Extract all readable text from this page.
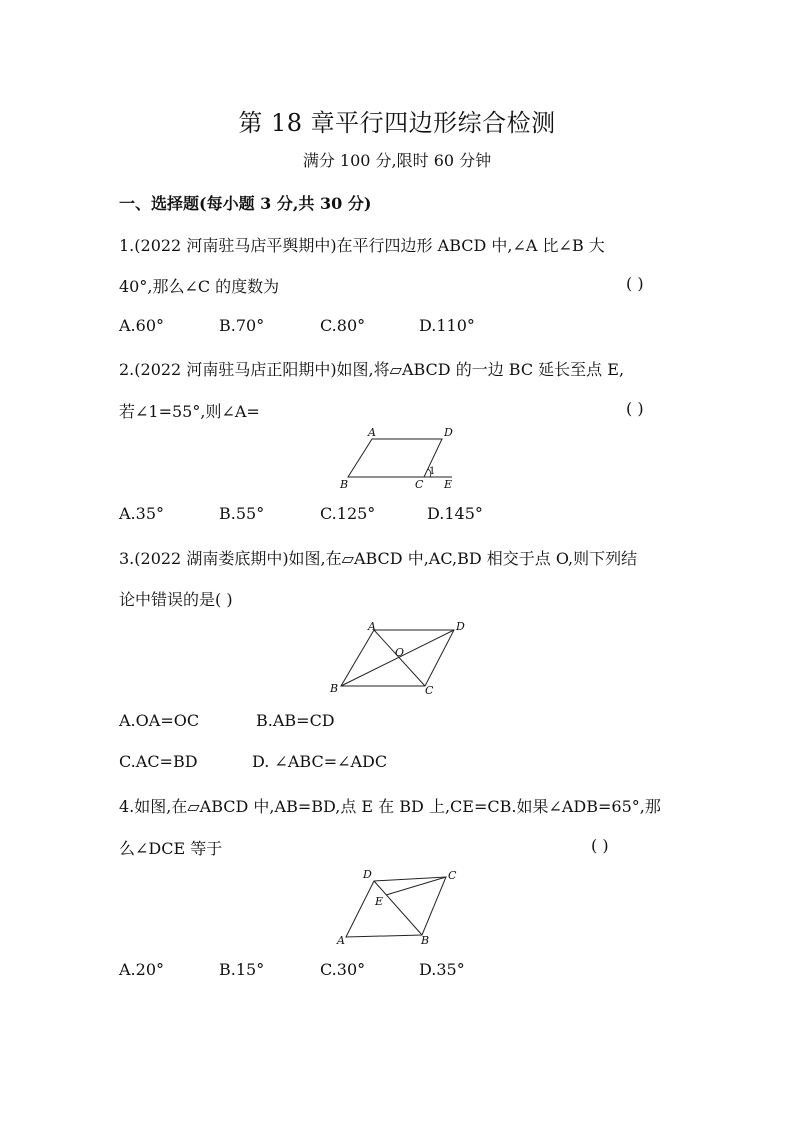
第 18 章平行四边形综合检测
满分 100 分,限时 60 分钟
一、选择题(每小题 3 分,共 30 分)
1.(2022 河南驻马店平舆期中)在平行四边形 ABCD 中,∠A 比∠B 大
40°,那么∠C 的度数为	( )
A.60°	B.70°	C.80°	D.110°
2.(2022 河南驻马店正阳期中)如图,将▱ABCD 的一边 BC 延长至点 E,
若∠1=55°,则∠A=	( )
A	D
B	C E
1
A.35°	B.55°	C.125°	D.145°
3.(2022 湖南娄底期中)如图,在▱ABCD 中,AC,BD 相交于点 O,则下列结
论中错误的是( )
A	D
O
B	C
A.OA=OC	B.AB=CD
C.AC=BD	D. ∠ABC=∠ADC
4.如图,在▱ABCD 中,AB=BD,点 E 在 BD 上,CE=CB.如果∠ADB=65°,那
么∠DCE 等于	( )
D	C
E
A	B
A.20°	B.15°	C.30°	D.35°
